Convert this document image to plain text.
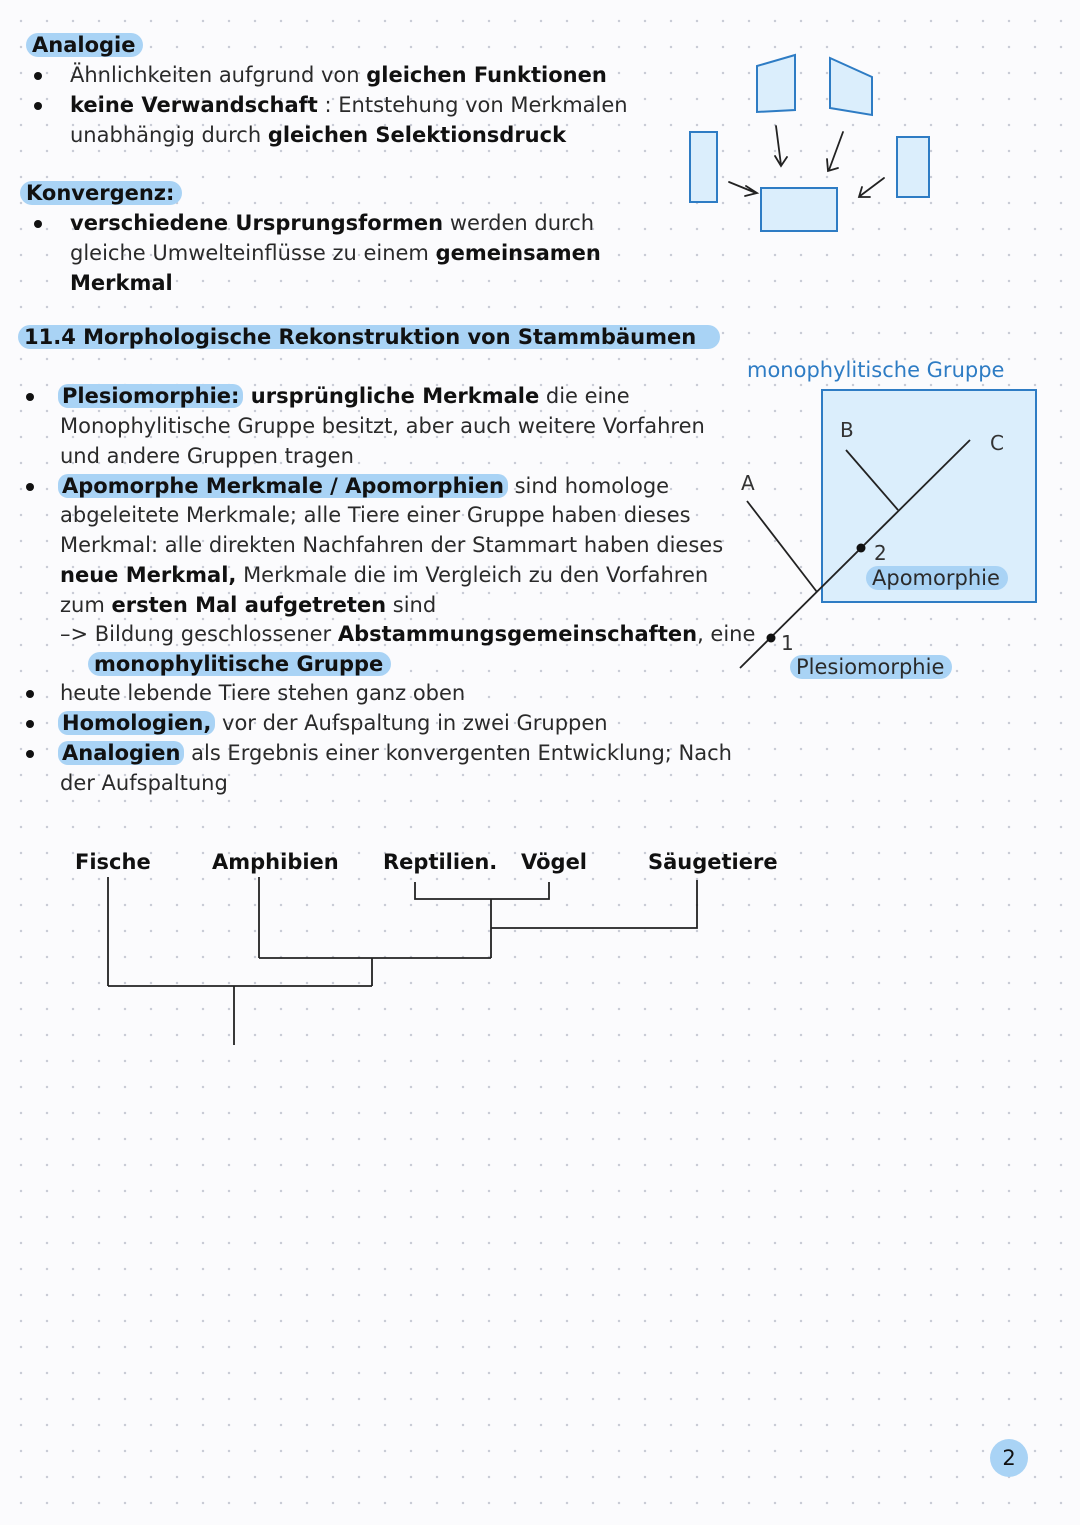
Analogie
Ähnlichkeiten aufgrund von gleichen Funktionen
keine Verwandschaft : Entstehung von Merkmalen
unabhängig durch gleichen Selektionsdruck
Konvergenz:
verschiedene Ursprungsformen werden durch
gleiche Umwelteinflüsse zu einem gemeinsamen
Merkmal
11.4 Morphologische Rekonstruktion von Stammbäumen
Plesiomorphie: ursprüngliche Merkmale die eine
Monophylitische Gruppe besitzt, aber auch weitere Vorfahren
und andere Gruppen tragen
Apomorphe Merkmale / Apomorphien sind homologe
abgeleitete Merkmale; alle Tiere einer Gruppe haben dieses
Merkmal: alle direkten Nachfahren der Stammart haben dieses
neue Merkmal, Merkmale die im Vergleich zu den Vorfahren
zum ersten Mal aufgetreten sind
–> Bildung geschlossener Abstammungsgemeinschaften, eine
monophylitische Gruppe
heute lebende Tiere stehen ganz oben
Homologien, vor der Aufspaltung in zwei Gruppen
Analogien als Ergebnis einer konvergenten Entwicklung; Nach
der Aufspaltung
monophylitische Gruppe
A
B
C
1
2
Apomorphie
Plesiomorphie
Fische	Amphibien Reptilien. Vögel	Säugetiere
2
